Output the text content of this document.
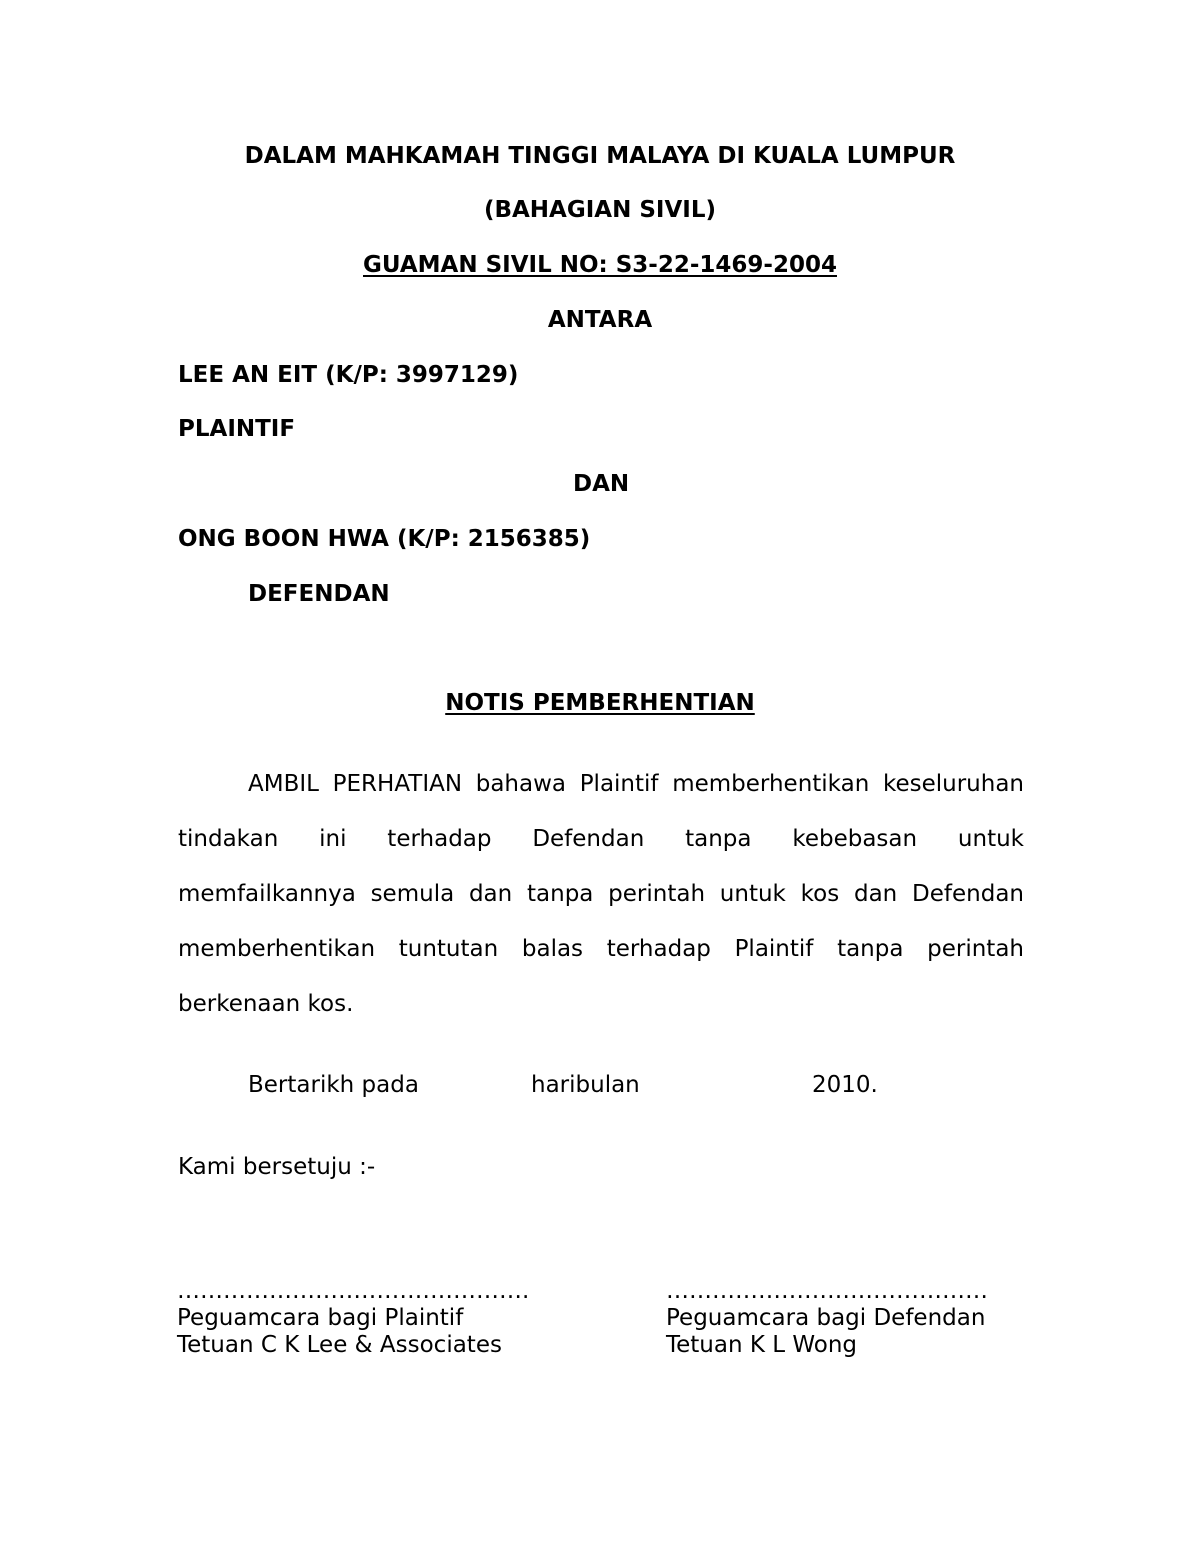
DALAM MAHKAMAH TINGGI MALAYA DI KUALA LUMPUR
(BAHAGIAN SIVIL)
GUAMAN SIVIL NO: S3-22-1469-2004
ANTARA
LEE AN EIT (K/P: 3997129)
PLAINTIF
DAN
ONG BOON HWA (K/P: 2156385)
DEFENDAN
NOTIS PEMBERHENTIAN
AMBIL PERHATIAN bahawa Plaintif memberhentikan keseluruhan
tindakan ini terhadap Defendan tanpa kebebasan untuk
memfailkannya semula dan tanpa perintah untuk kos dan Defendan
memberhentikan tuntutan balas terhadap Plaintif tanpa perintah
berkenaan kos.
Bertarikh pada	haribulan	2010.
Kami bersetuju :-
……………………………………….
Peguamcara bagi Plaintif
Tetuan C K Lee & Associates
……………………………………
Peguamcara bagi Defendan
Tetuan K L Wong
